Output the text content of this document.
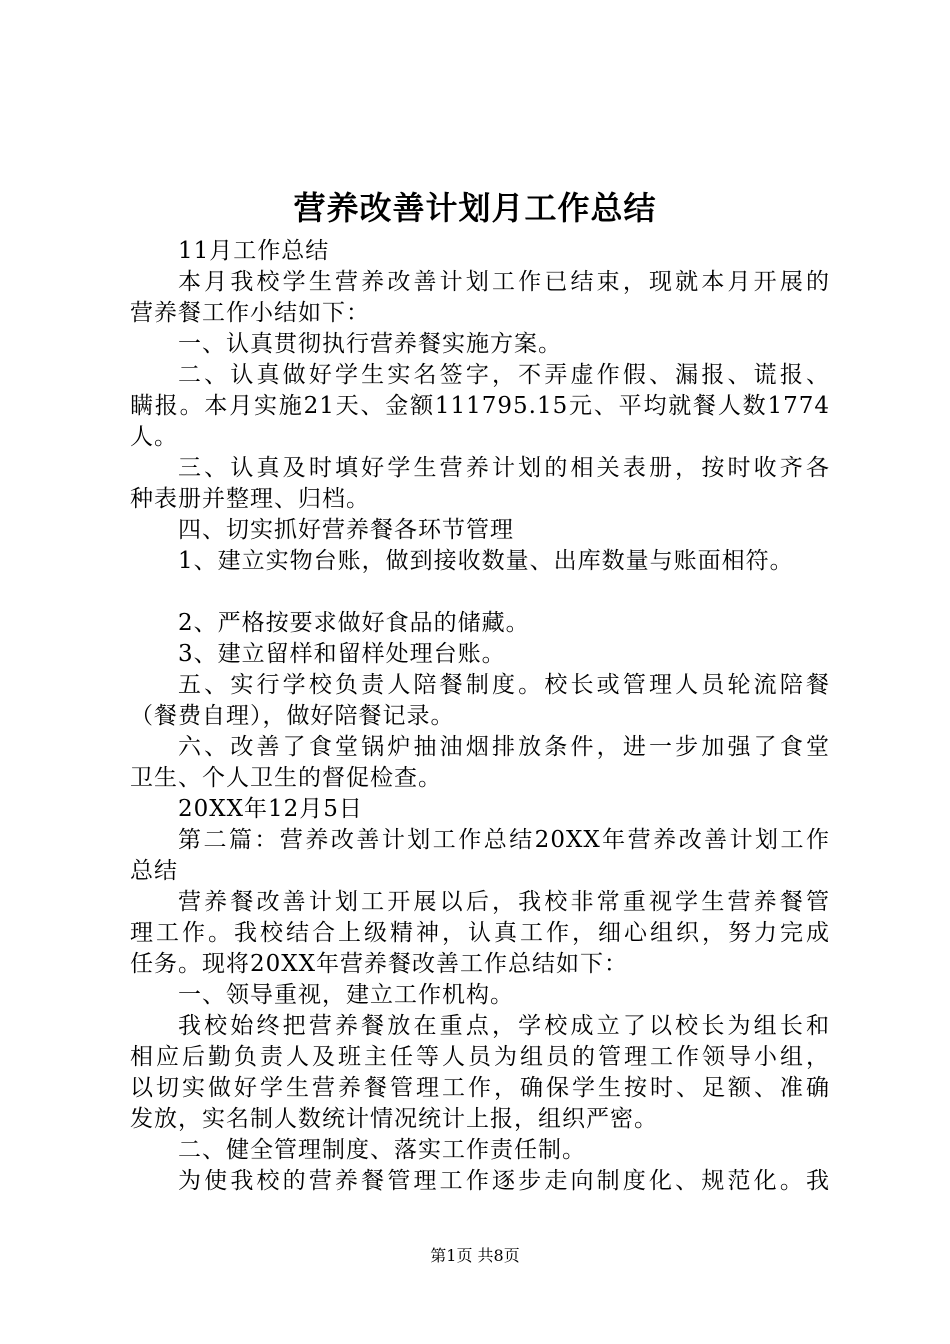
营养改善计划月工作总结
11月工作总结
本月我校学生营养改善计划工作已结束，现就本月开展的
营养餐工作小结如下：
一、认真贯彻执行营养餐实施方案。
二、认真做好学生实名签字，不弄虚作假、漏报、谎报、
瞒报。本月实施21天、金额111795.15元、平均就餐人数1774
人。
三、认真及时填好学生营养计划的相关表册，按时收齐各
种表册并整理、归档。
四、切实抓好营养餐各环节管理
1、建立实物台账，做到接收数量、出库数量与账面相符。
2、严格按要求做好食品的储藏。
3、建立留样和留样处理台账。
五、实行学校负责人陪餐制度。校长或管理人员轮流陪餐
（餐费自理），做好陪餐记录。
六、改善了食堂锅炉抽油烟排放条件，进一步加强了食堂
卫生、个人卫生的督促检查。
20XX年12月5日
第二篇：营养改善计划工作总结20XX年营养改善计划工作
总结
营养餐改善计划工开展以后，我校非常重视学生营养餐管
理工作。我校结合上级精神，认真工作，细心组织，努力完成
任务。现将20XX年营养餐改善工作总结如下：
一、领导重视，建立工作机构。
我校始终把营养餐放在重点，学校成立了以校长为组长和
相应后勤负责人及班主任等人员为组员的管理工作领导小组，
以切实做好学生营养餐管理工作，确保学生按时、足额、准确
发放，实名制人数统计情况统计上报，组织严密。
二、健全管理制度、落实工作责任制。
为使我校的营养餐管理工作逐步走向制度化、规范化。我
第1页 共8页
